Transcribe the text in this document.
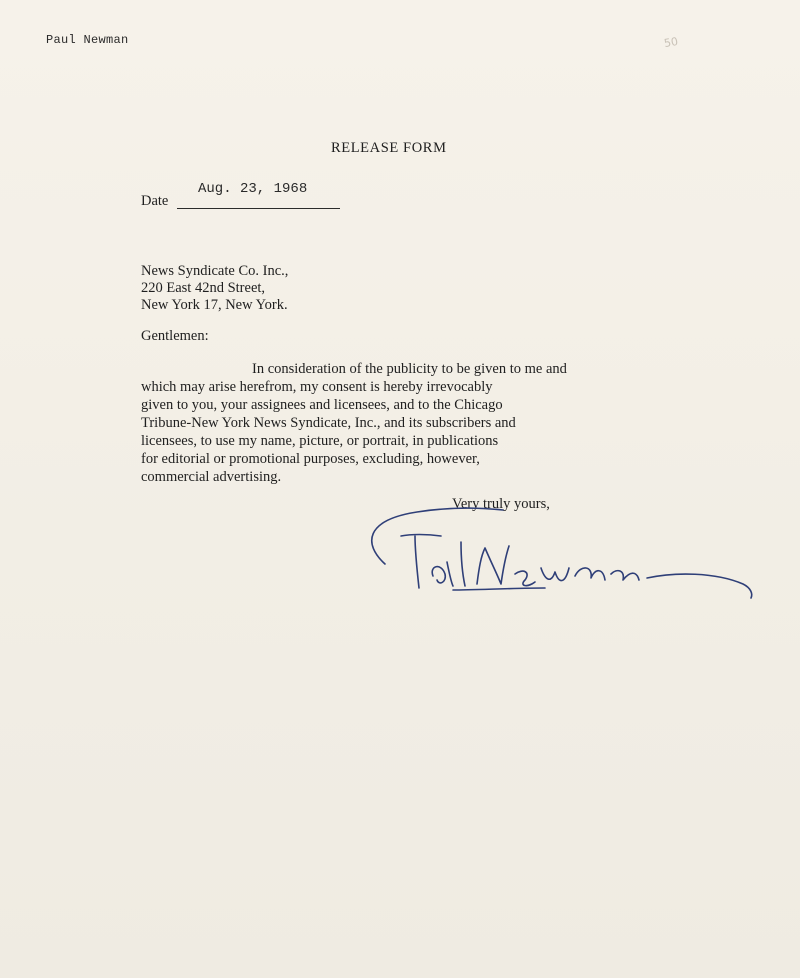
Paul Newman	50
RELEASE FORM
Date
Aug. 23, 1968
News Syndicate Co. Inc.,
220 East 42nd Street,
New York 17, New York.
Gentlemen:
In consideration of the publicity to be given to me and
which may arise herefrom, my consent is hereby irrevocably
given to you, your assignees and licensees, and to the Chicago
Tribune-New York News Syndicate, Inc., and its subscribers and
licensees, to use my name, picture, or portrait, in publications
for editorial or promotional purposes, excluding, however,
commercial advertising.
Very truly yours,
